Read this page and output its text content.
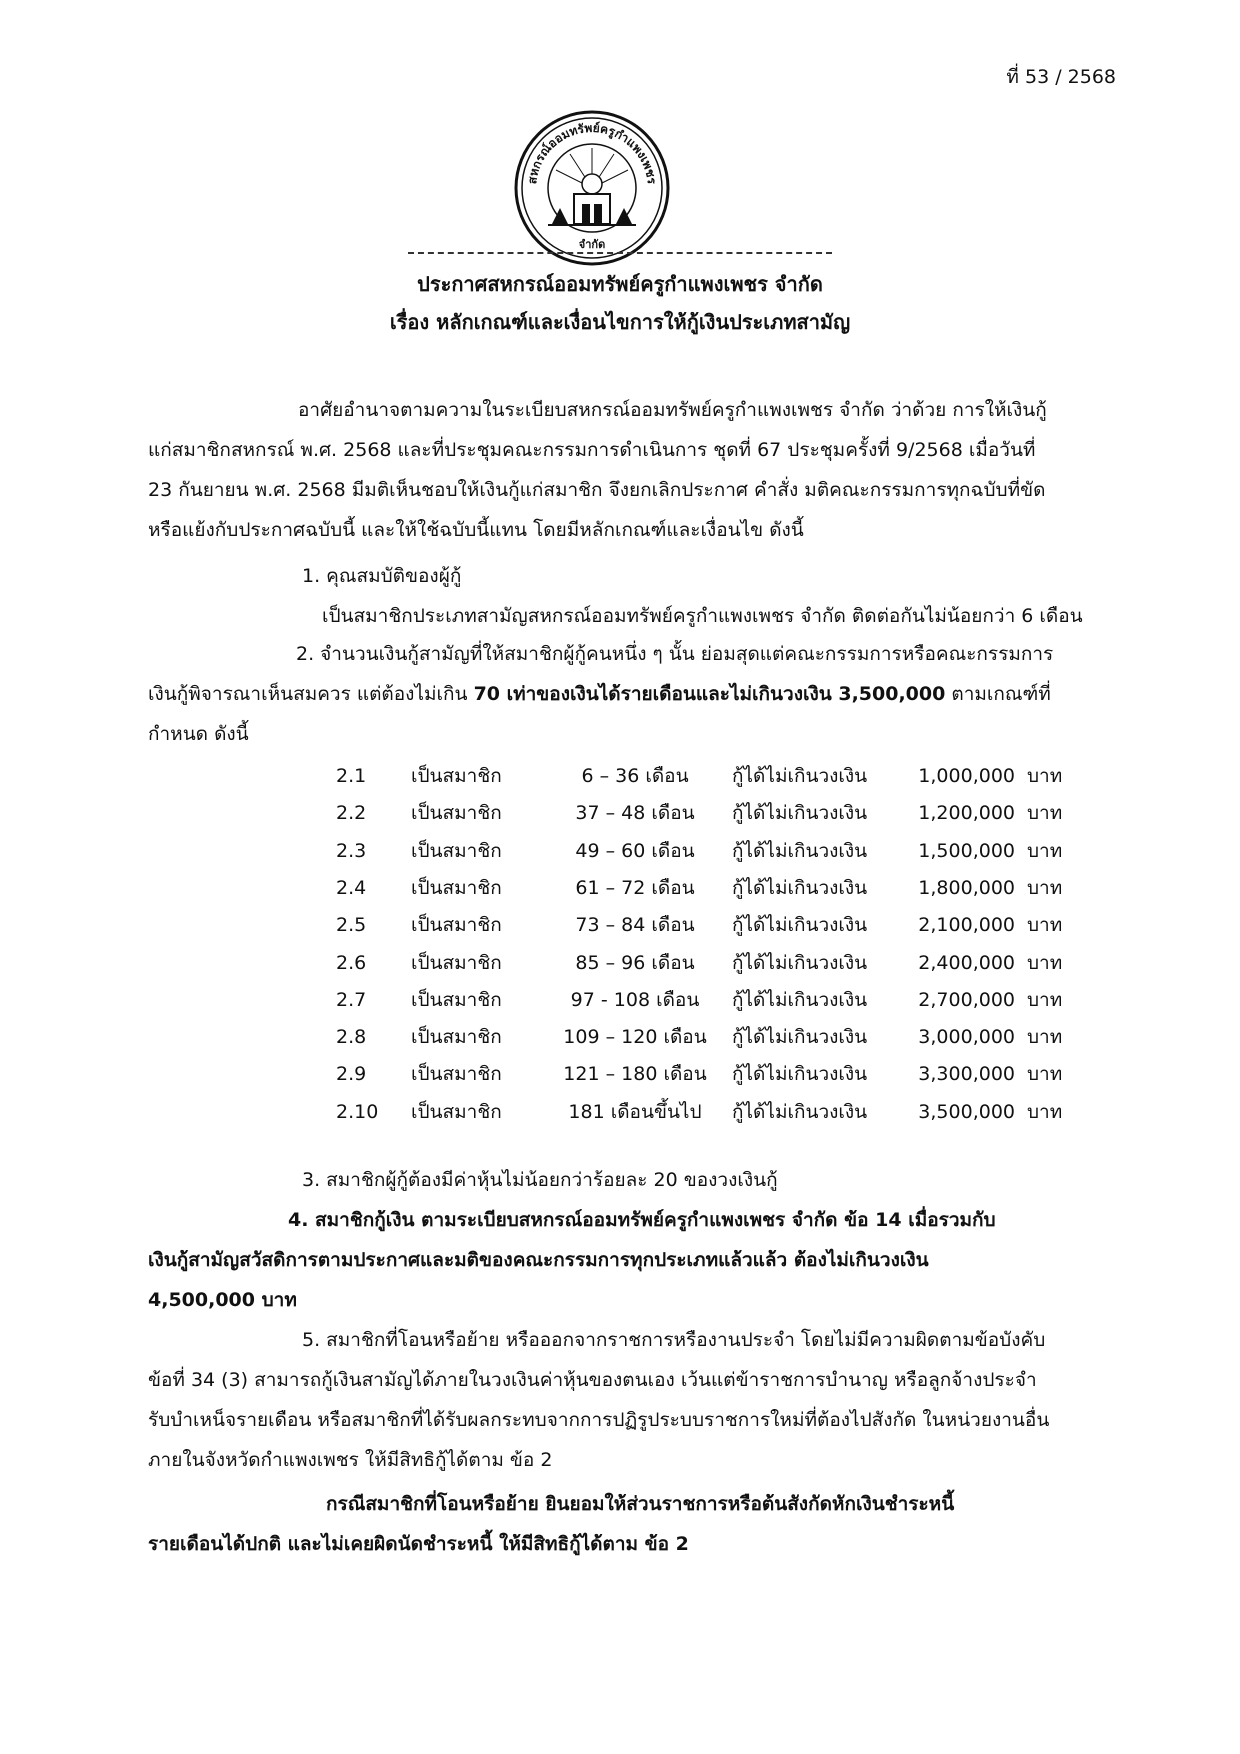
ที่ 53 / 2568
สหกรณ์ออมทรัพย์ครูกำแพงเพชร
จำกัด
ประกาศสหกรณ์ออมทรัพย์ครูกำแพงเพชร จำกัด
เรื่อง หลักเกณฑ์และเงื่อนไขการให้กู้เงินประเภทสามัญ
อาศัยอำนาจตามความในระเบียบสหกรณ์ออมทรัพย์ครูกำแพงเพชร จำกัด ว่าด้วย การให้เงินกู้
แก่สมาชิกสหกรณ์ พ.ศ. 2568 และที่ประชุมคณะกรรมการดำเนินการ ชุดที่ 67 ประชุมครั้งที่ 9/2568 เมื่อวันที่
23 กันยายน พ.ศ. 2568 มีมติเห็นชอบให้เงินกู้แก่สมาชิก จึงยกเลิกประกาศ คำสั่ง มติคณะกรรมการทุกฉบับที่ขัด
หรือแย้งกับประกาศฉบับนี้ และให้ใช้ฉบับนี้แทน โดยมีหลักเกณฑ์และเงื่อนไข ดังนี้
1. คุณสมบัติของผู้กู้
เป็นสมาชิกประเภทสามัญสหกรณ์ออมทรัพย์ครูกำแพงเพชร จำกัด ติดต่อกันไม่น้อยกว่า 6 เดือน
2. จำนวนเงินกู้สามัญที่ให้สมาชิกผู้กู้คนหนึ่ง ๆ นั้น ย่อมสุดแต่คณะกรรมการหรือคณะกรรมการ
เงินกู้พิจารณาเห็นสมควร แต่ต้องไม่เกิน 70 เท่าของเงินได้รายเดือนและไม่เกินวงเงิน 3,500,000 ตามเกณฑ์ที่
กำหนด ดังนี้
2.1 เป็นสมาชิก	6 – 36 เดือน	กู้ได้ไม่เกินวงเงิน	1,000,000 บาท
2.2 เป็นสมาชิก	37 – 48 เดือน	กู้ได้ไม่เกินวงเงิน	1,200,000 บาท
2.3 เป็นสมาชิก	49 – 60 เดือน	กู้ได้ไม่เกินวงเงิน	1,500,000 บาท
2.4 เป็นสมาชิก	61 – 72 เดือน	กู้ได้ไม่เกินวงเงิน	1,800,000 บาท
2.5 เป็นสมาชิก	73 – 84 เดือน	กู้ได้ไม่เกินวงเงิน	2,100,000 บาท
2.6 เป็นสมาชิก	85 – 96 เดือน	กู้ได้ไม่เกินวงเงิน	2,400,000 บาท
2.7 เป็นสมาชิก	97 - 108 เดือน	กู้ได้ไม่เกินวงเงิน	2,700,000 บาท
2.8 เป็นสมาชิก	109 – 120 เดือน กู้ได้ไม่เกินวงเงิน	3,000,000 บาท
2.9 เป็นสมาชิก	121 – 180 เดือน กู้ได้ไม่เกินวงเงิน	3,300,000 บาท
2.10 เป็นสมาชิก	181 เดือนขึ้นไป	กู้ได้ไม่เกินวงเงิน	3,500,000 บาท
3. สมาชิกผู้กู้ต้องมีค่าหุ้นไม่น้อยกว่าร้อยละ 20 ของวงเงินกู้
4. สมาชิกกู้เงิน ตามระเบียบสหกรณ์ออมทรัพย์ครูกำแพงเพชร จำกัด ข้อ 14 เมื่อรวมกับ
เงินกู้สามัญสวัสดิการตามประกาศและมติของคณะกรรมการทุกประเภทแล้วแล้ว ต้องไม่เกินวงเงิน
4,500,000 บาท
5. สมาชิกที่โอนหรือย้าย หรือออกจากราชการหรืองานประจำ โดยไม่มีความผิดตามข้อบังคับ
ข้อที่ 34 (3) สามารถกู้เงินสามัญได้ภายในวงเงินค่าหุ้นของตนเอง เว้นแต่ข้าราชการบำนาญ หรือลูกจ้างประจำ
รับบำเหน็จรายเดือน หรือสมาชิกที่ได้รับผลกระทบจากการปฏิรูประบบราชการใหม่ที่ต้องไปสังกัด ในหน่วยงานอื่น
ภายในจังหวัดกำแพงเพชร ให้มีสิทธิกู้ได้ตาม ข้อ 2
กรณีสมาชิกที่โอนหรือย้าย ยินยอมให้ส่วนราชการหรือต้นสังกัดหักเงินชำระหนี้
รายเดือนได้ปกติ และไม่เคยผิดนัดชำระหนี้ ให้มีสิทธิกู้ได้ตาม ข้อ 2
